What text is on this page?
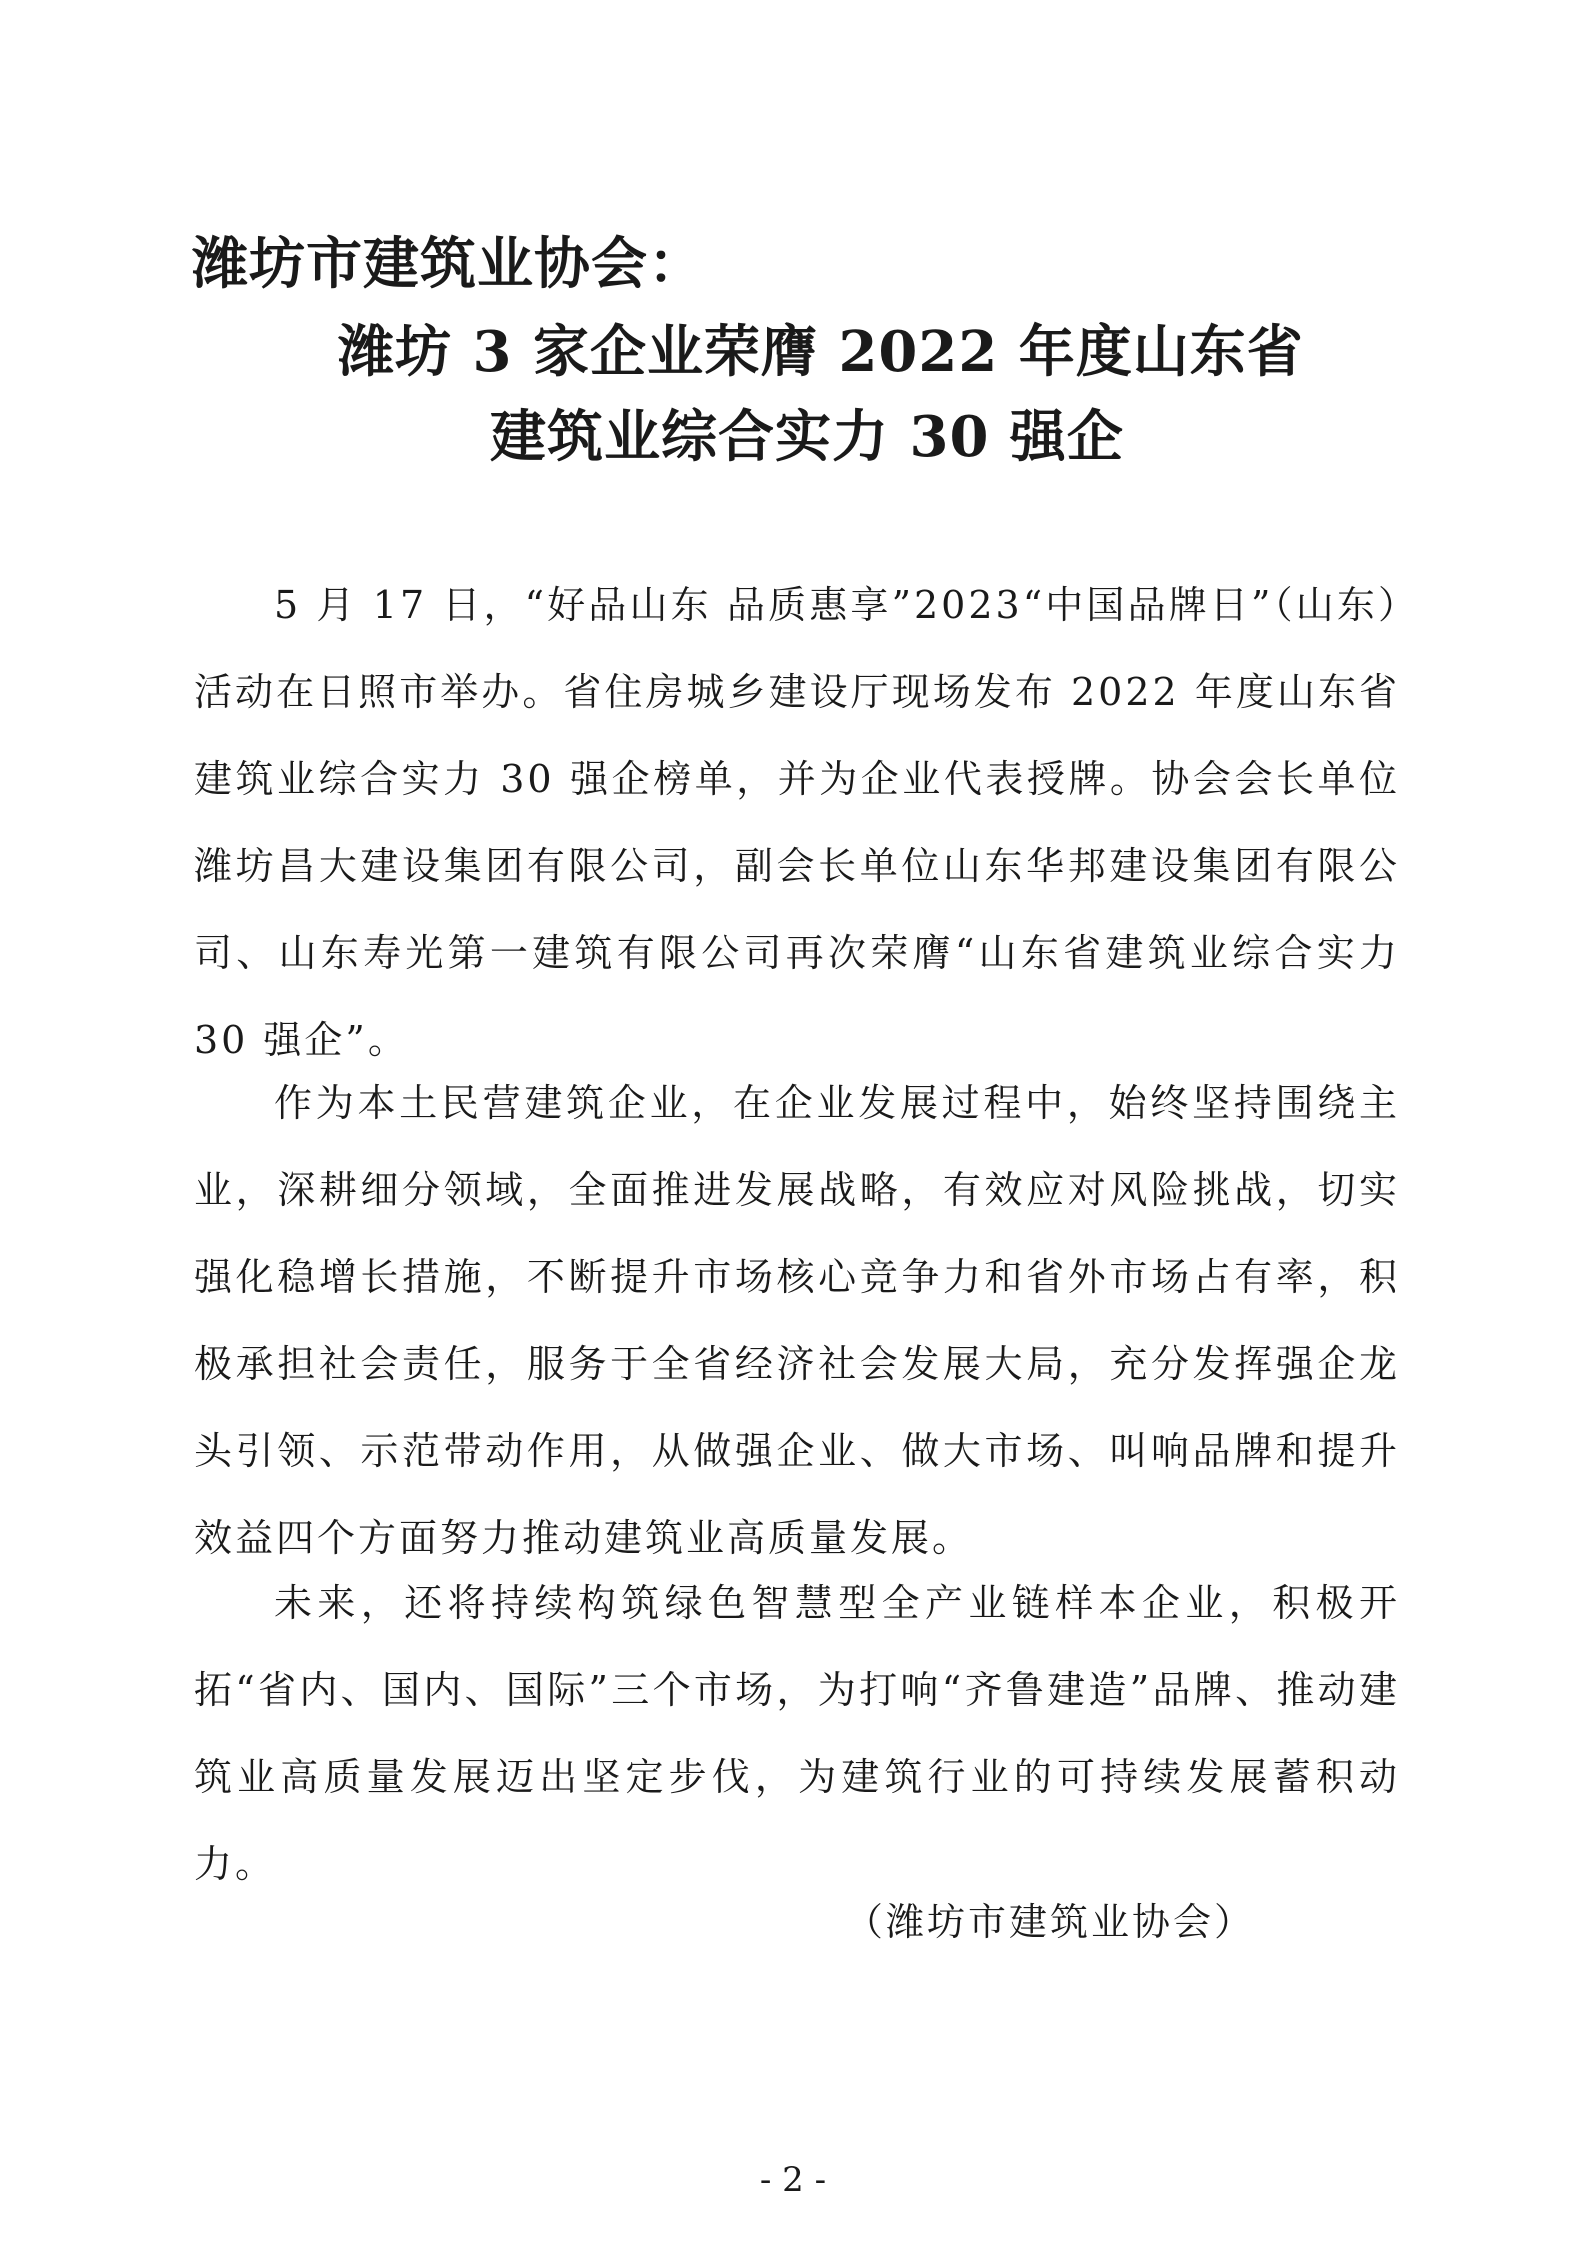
潍坊市建筑业协会：
潍坊 3 家企业荣膺 2022 年度山东省
建筑业综合实力 30 强企

5 月 17 日，“好品山东 品质惠享”2023“中国品牌日”（山东）活动在日照市举办。省住房城乡建设厅现场发布 2022 年度山东省建筑业综合实力 30 强企榜单，并为企业代表授牌。协会会长单位潍坊昌大建设集团有限公司，副会长单位山东华邦建设集团有限公司、山东寿光第一建筑有限公司再次荣膺“山东省建筑业综合实力 30 强企”。

作为本土民营建筑企业，在企业发展过程中，始终坚持围绕主业，深耕细分领域，全面推进发展战略，有效应对风险挑战，切实强化稳增长措施，不断提升市场核心竞争力和省外市场占有率，积极承担社会责任，服务于全省经济社会发展大局，充分发挥强企龙头引领、示范带动作用，从做强企业、做大市场、叫响品牌和提升效益四个方面努力推动建筑业高质量发展。

未来，还将持续构筑绿色智慧型全产业链样本企业，积极开拓“省内、国内、国际”三个市场，为打响“齐鲁建造”品牌、推动建筑业高质量发展迈出坚定步伐，为建筑行业的可持续发展蓄积动力。

（潍坊市建筑业协会）
- 2 -
